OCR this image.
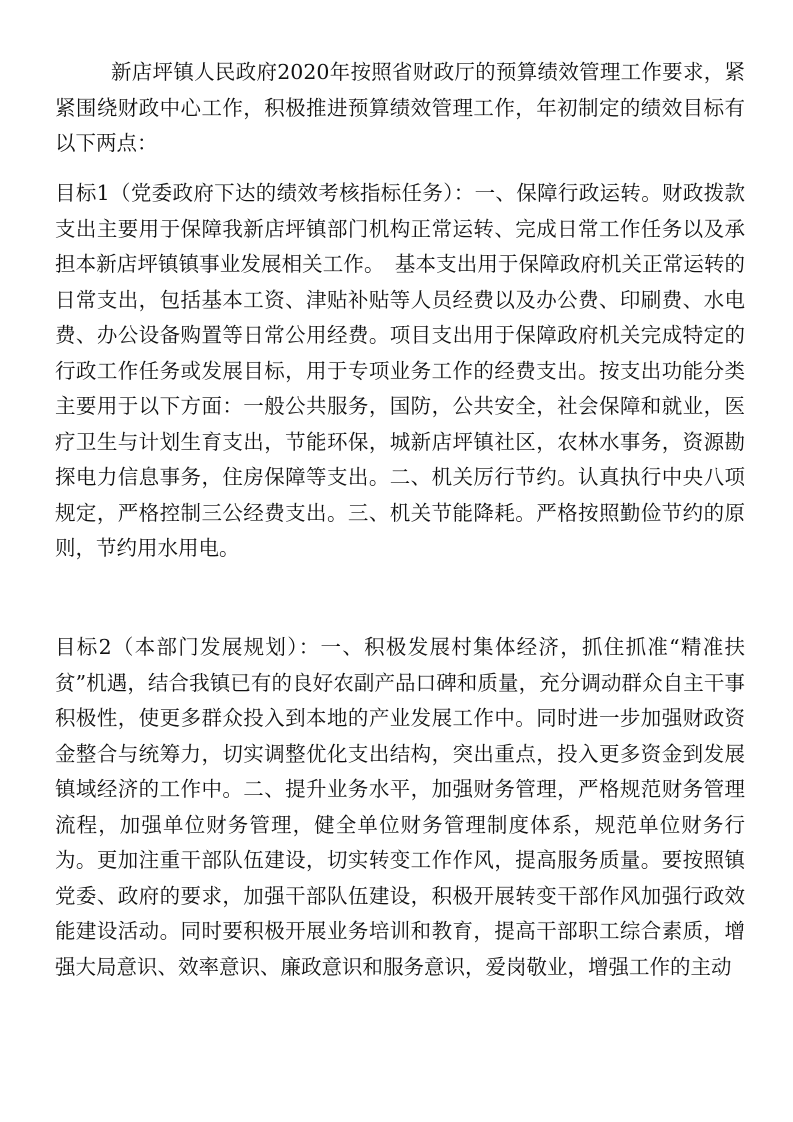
新店坪镇人民政府2020年按照省财政厅的预算绩效管理工作要求，紧紧围绕财政中心工作，积极推进预算绩效管理工作，年初制定的绩效目标有以下两点：

目标1（党委政府下达的绩效考核指标任务）：一、保障行政运转。财政拨款支出主要用于保障我新店坪镇部门机构正常运转、完成日常工作任务以及承担本新店坪镇镇事业发展相关工作。　基本支出用于保障政府机关正常运转的日常支出，包括基本工资、津贴补贴等人员经费以及办公费、印刷费、水电费、办公设备购置等日常公用经费。项目支出用于保障政府机关完成特定的行政工作任务或发展目标，用于专项业务工作的经费支出。按支出功能分类主要用于以下方面：一般公共服务，国防，公共安全，社会保障和就业，医疗卫生与计划生育支出，节能环保，城新店坪镇社区，农林水事务，资源勘探电力信息事务，住房保障等支出。二、机关厉行节约。认真执行中央八项规定，严格控制三公经费支出。三、机关节能降耗。严格按照勤俭节约的原则，节约用水用电。

目标2（本部门发展规划）：一、积极发展村集体经济，抓住抓准“精准扶贫”机遇，结合我镇已有的良好农副产品口碑和质量，充分调动群众自主干事积极性，使更多群众投入到本地的产业发展工作中。同时进一步加强财政资金整合与统筹力，切实调整优化支出结构，突出重点，投入更多资金到发展镇域经济的工作中。二、提升业务水平，加强财务管理，严格规范财务管理流程，加强单位财务管理，健全单位财务管理制度体系，规范单位财务行为。更加注重干部队伍建设，切实转变工作作风，提高服务质量。要按照镇党委、政府的要求，加强干部队伍建设，积极开展转变干部作风加强行政效能建设活动。同时要积极开展业务培训和教育，提高干部职工综合素质，增强大局意识、效率意识、廉政意识和服务意识，爱岗敬业，增强工作的主动
